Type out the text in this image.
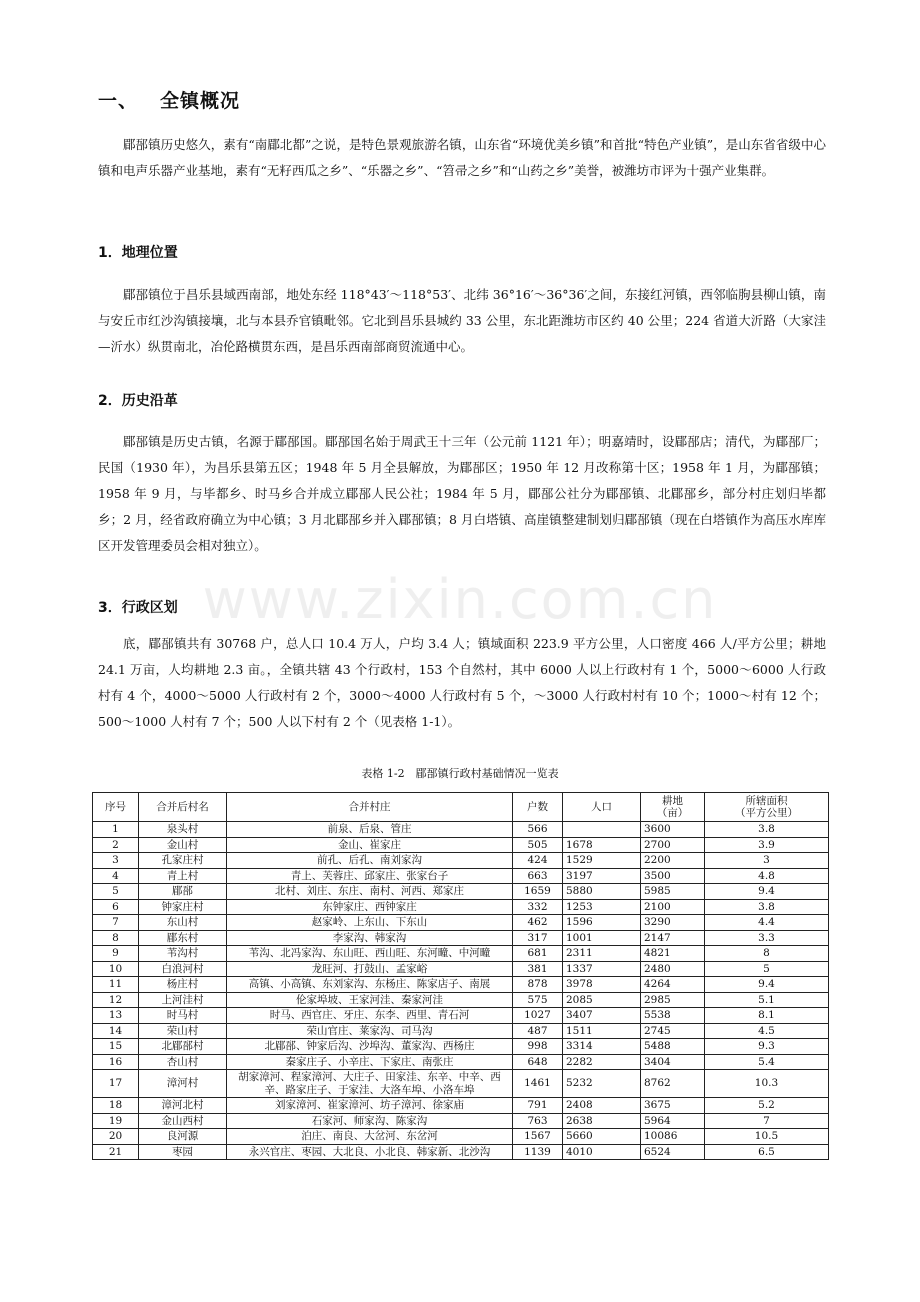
一、 全镇概况

郿郚镇历史悠久，素有“南郿北都”之说，是特色景观旅游名镇，山东省“环境优美乡镇”和首批“特色产业镇”，是山东省省级中心镇和电声乐器产业基地，素有“无籽西瓜之乡”、“乐器之乡”、“笤帚之乡”和“山药之乡”美誉，被潍坊市评为十强产业集群。

1．地理位置

郿郚镇位于昌乐县域西南部，地处东经 118°43′～118°53′、北纬 36°16′～36°36′之间，东接红河镇，西邻临朐县柳山镇，南与安丘市红沙沟镇接壤，北与本县乔官镇毗邻。它北到昌乐县城约 33 公里，东北距潍坊市区约 40 公里；224 省道大沂路（大家洼—沂水）纵贯南北，冶伦路横贯东西，是昌乐西南部商贸流通中心。

2．历史沿革

郿郚镇是历史古镇，名源于郿郚国。郿郚国名始于周武王十三年（公元前 1121 年）；明嘉靖时，设郿郚店；清代，为郿郚厂；民国（1930 年），为昌乐县第五区；1948 年 5 月全县解放，为郿郚区；1950 年 12 月改称第十区；1958 年 1 月，为郿郚镇；1958 年 9 月，与毕都乡、时马乡合并成立郿郚人民公社；1984 年 5 月，郿郚公社分为郿郚镇、北郿郚乡，部分村庄划归毕都乡；2 月，经省政府确立为中心镇；3 月北郿郚乡并入郿郚镇；8 月白塔镇、高崖镇整建制划归郿郚镇（现在白塔镇作为高压水库库区开发管理委员会相对独立）。

3．行政区划

底，郿郚镇共有 30768 户，总人口 10.4 万人，户均 3.4 人；镇域面积 223.9 平方公里，人口密度 466 人/平方公里；耕地 24.1 万亩，人均耕地 2.3 亩。，全镇共辖 43 个行政村，153 个自然村，其中 6000 人以上行政村有 1 个，5000～6000 人行政村有 4 个，4000～5000 人行政村有 2 个，3000～4000 人行政村有 5 个，～3000 人行政村村有 10 个；1000～村有 12 个；500～1000 人村有 7 个；500 人以下村有 2 个（见表格 1-1）。

www.zixin.com.cn
表格 1-2　郿郚镇行政村基础情况一览表
序号	合并后村名	合并村庄	户数	人口	耕地
（亩）	所辖面积
（平方公里）
1	泉头村	前泉、后泉、管庄	566		3600	3.8
2	金山村	金山、崔家庄	505	1678	2700	3.9
3	孔家庄村	前孔、后孔、南刘家沟	424	1529	2200	3
4	青上村	青上、芙蓉庄、邱家庄、张家台子	663	3197	3500	4.8
5	郿郚	北村、刘庄、东庄、南村、河西、郑家庄	1659	5880	5985	9.4
6	钟家庄村	东钟家庄、西钟家庄	332	1253	2100	3.8
7	东山村	赵家岭、上东山、下东山	462	1596	3290	4.4
8	郿东村	李家沟、韩家沟	317	1001	2147	3.3
9	苇沟村	苇沟、北冯家沟、东山旺、西山旺、东河疃、中河疃	681	2311	4821	8
10	白浪河村	龙旺河、打鼓山、孟家峪	381	1337	2480	5
11	杨庄村	高镇、小高镇、东刘家沟、东杨庄、陈家店子、南展	878	3978	4264	9.4
12	上河洼村	伦家埠坡、王家河洼、秦家河洼	575	2085	2985	5.1
13	时马村	时马、西官庄、牙庄、东李、西里、青石河	1027	3407	5538	8.1
14	荣山村	荣山官庄、莱家沟、司马沟	487	1511	2745	4.5
15	北郿郚村	北郿郚、钟家后沟、沙埠沟、董家沟、西杨庄	998	3314	5488	9.3
16	杏山村	秦家庄子、小辛庄、下家庄、南张庄	648	2282	3404	5.4
17	漳河村	胡家漳河、程家漳河、大庄子、田家洼、东辛、中辛、西辛、路家庄子、于家洼、大洛车埠、小洛车埠	1461	5232	8762	10.3
18	漳河北村	刘家漳河、崔家漳河、坊子漳河、徐家庙	791	2408	3675	5.2
19	金山西村	石家河、师家沟、陈家沟	763	2638	5964	7
20	良河源	泊庄、南良、大岔河、东岔河	1567	5660	10086	10.5
21	枣园	永兴官庄、枣园、大北良、小北良、韩家新、北沙沟	1139	4010	6524	6.5
